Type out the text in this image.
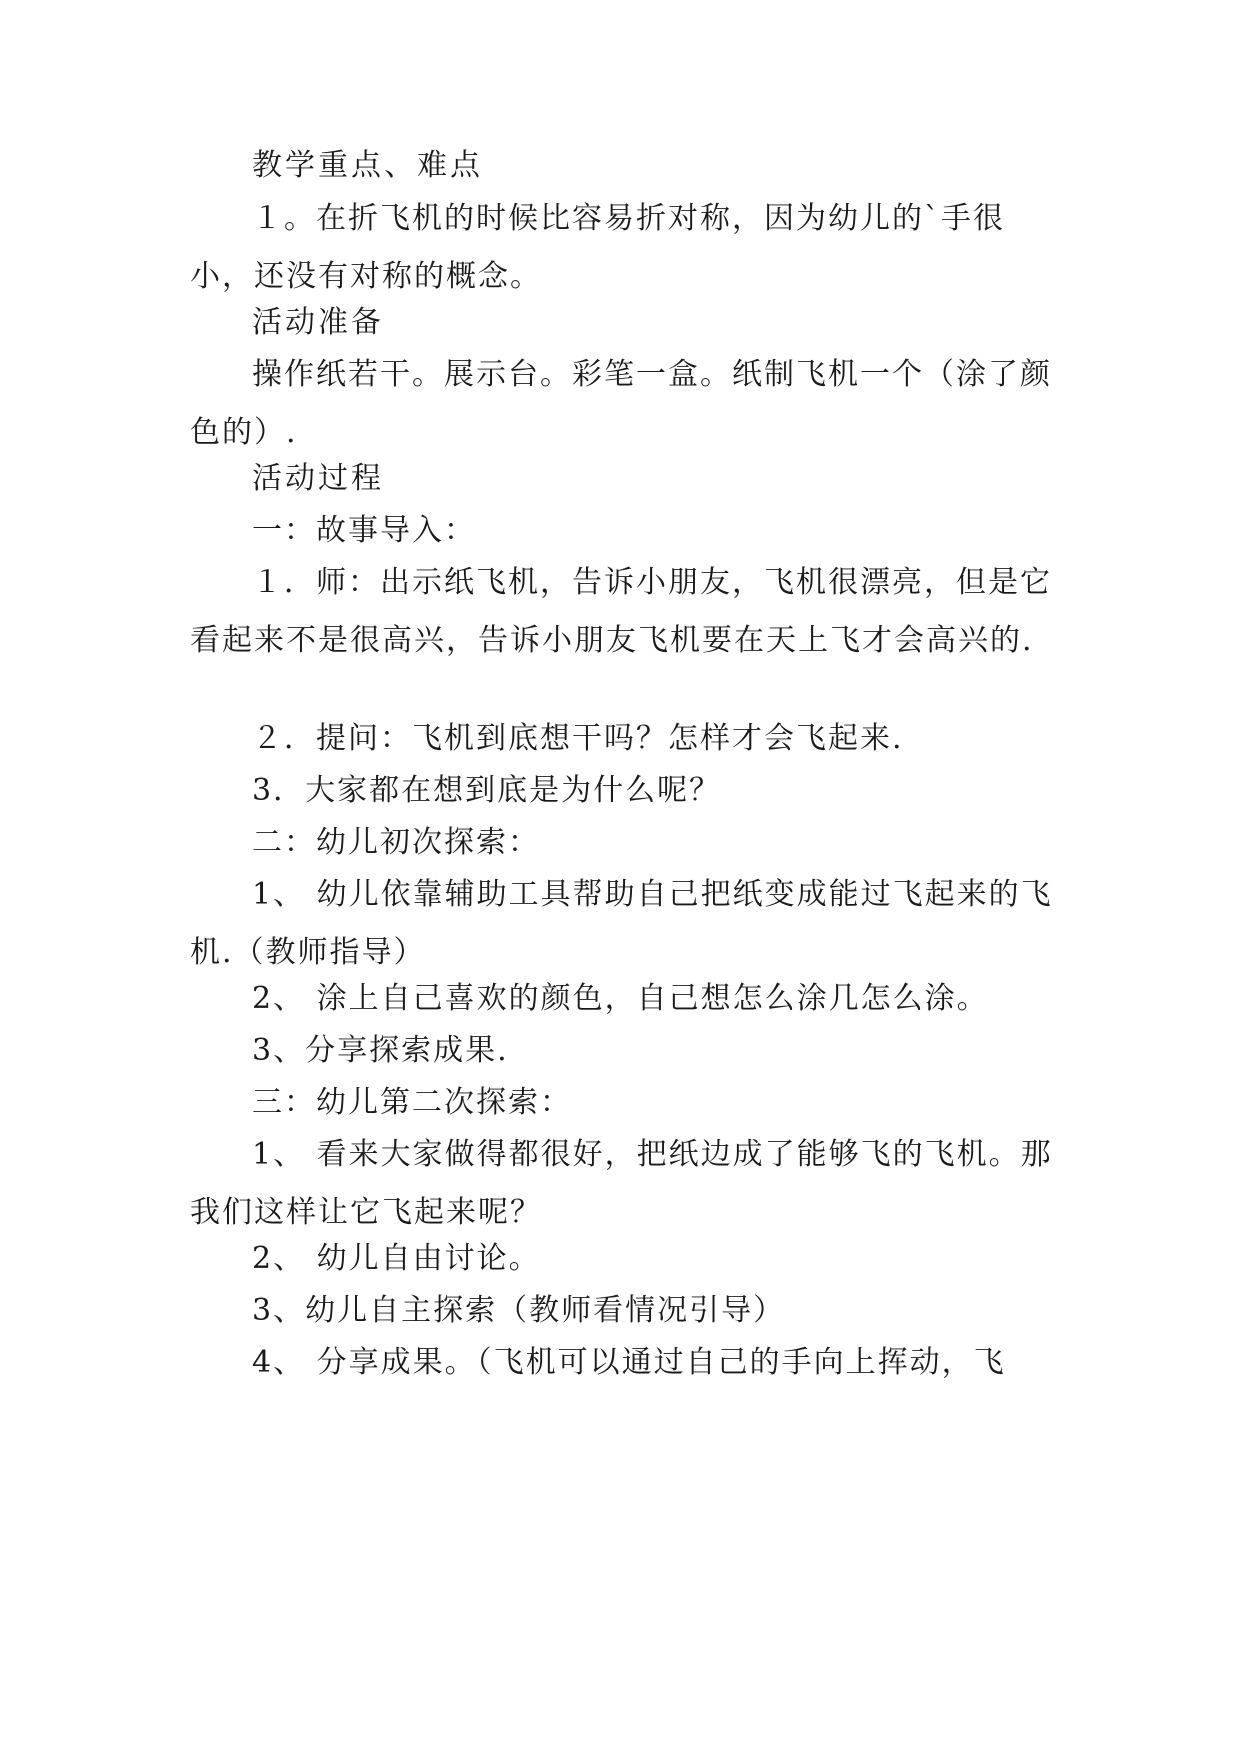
教学重点、难点

１。在折飞机的时候比容易折对称，因为幼儿的`手很小，还没有对称的概念。

活动准备

操作纸若干。展示台。彩笔一盒。纸制飞机一个（涂了颜色的）.

活动过程

一：故事导入：

１．师：出示纸飞机，告诉小朋友，飞机很漂亮，但是它看起来不是很高兴，告诉小朋友飞机要在天上飞才会高兴的.

２．提问：飞机到底想干吗？怎样才会飞起来.

3．大家都在想到底是为什么呢？

二：幼儿初次探索：

1、 幼儿依靠辅助工具帮助自己把纸变成能过飞起来的飞机.（教师指导）

2、 涂上自己喜欢的颜色，自己想怎么涂几怎么涂。

3、分享探索成果.

三：幼儿第二次探索：

1、 看来大家做得都很好，把纸边成了能够飞的飞机。那我们这样让它飞起来呢？

2、 幼儿自由讨论。

3、幼儿自主探索（教师看情况引导）

4、 分享成果。（飞机可以通过自己的手向上挥动，飞
